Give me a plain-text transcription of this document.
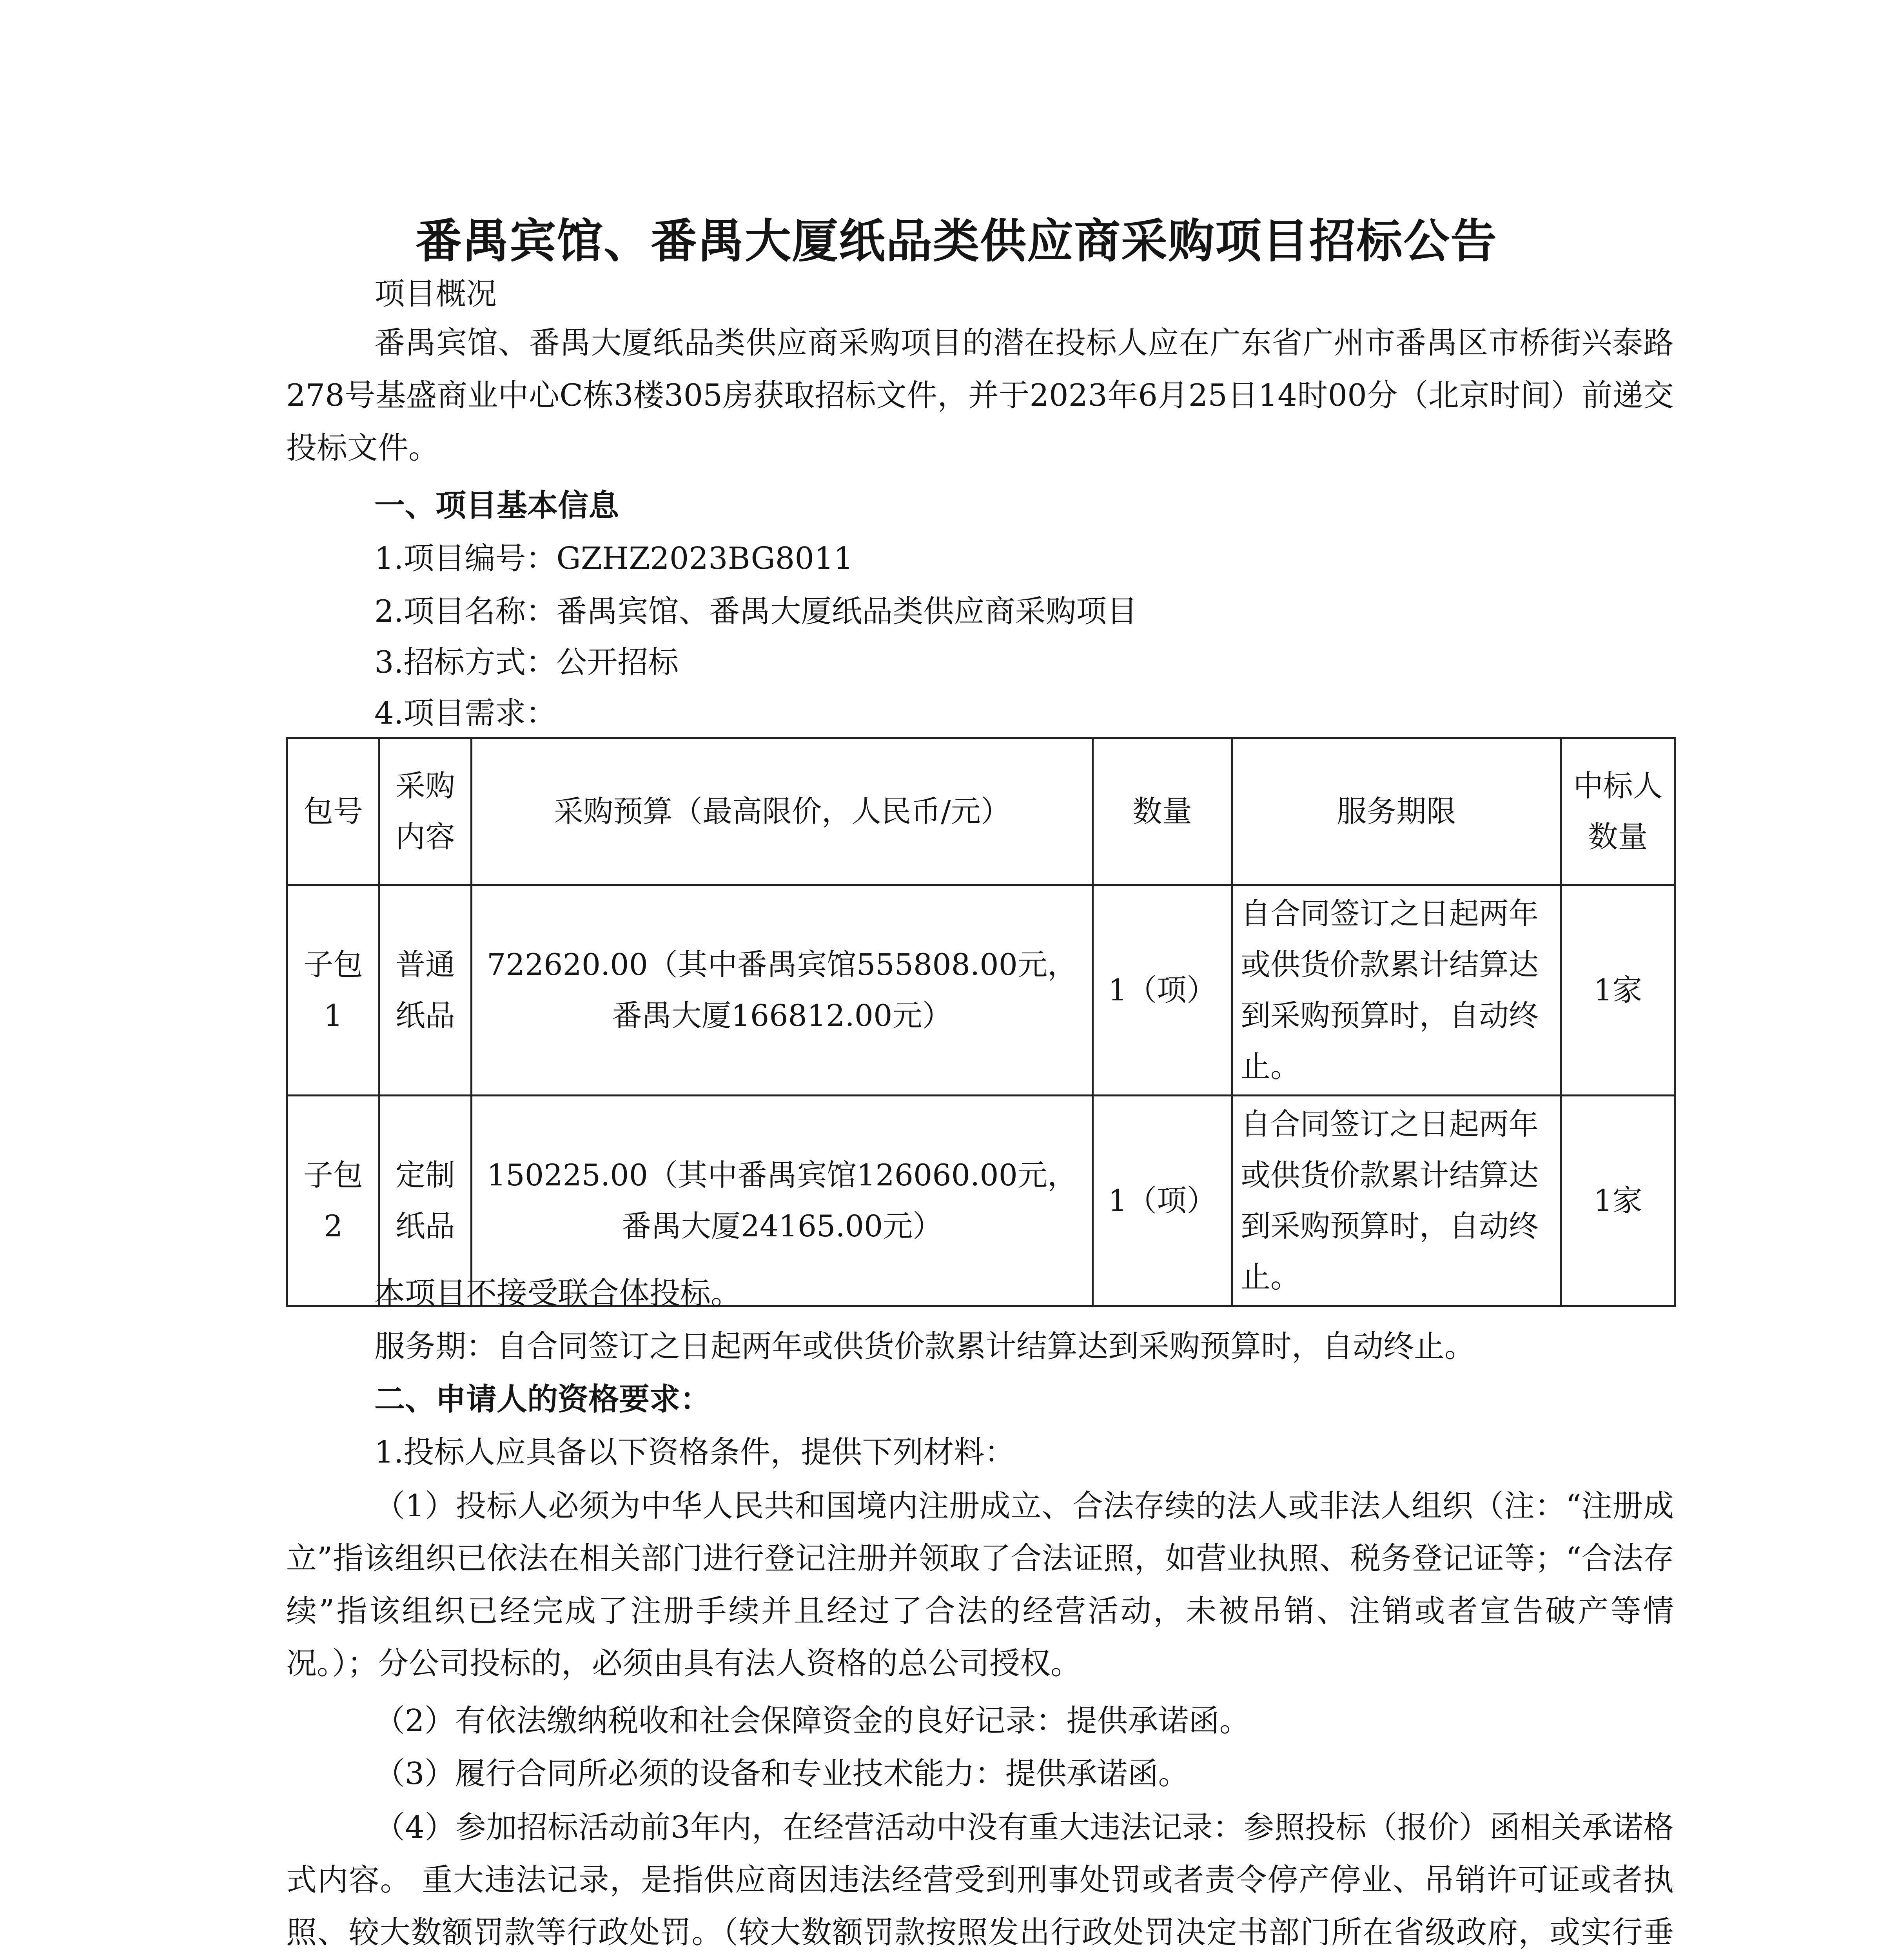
番禺宾馆、番禺大厦纸品类供应商采购项目招标公告
项目概况
番禺宾馆、番禺大厦纸品类供应商采购项目的潜在投标人应在广东省广州市番禺区市桥街兴泰路278号基盛商业中心C栋3楼305房获取招标文件，并于2023年6月25日14时00分（北京时间）前递交投标文件。
一、项目基本信息
1.项目编号：GZHZ2023BG8011
2.项目名称：番禺宾馆、番禺大厦纸品类供应商采购项目
3.招标方式：公开招标
4.项目需求：
包号	采购内容	采购预算（最高限价，人民币/元）	数量	服务期限	中标人数量
子包1	普通纸品	722620.00（其中番禺宾馆555808.00元，番禺大厦166812.00元）	1（项）	自合同签订之日起两年或供货价款累计结算达到采购预算时，自动终止。	1家
子包2	定制纸品	150225.00（其中番禺宾馆126060.00元，番禺大厦24165.00元）	1（项）	自合同签订之日起两年或供货价款累计结算达到采购预算时，自动终止。	1家
本项目不接受联合体投标。
服务期：自合同签订之日起两年或供货价款累计结算达到采购预算时，自动终止。
二、申请人的资格要求：
1.投标人应具备以下资格条件，提供下列材料：
（1）投标人必须为中华人民共和国境内注册成立、合法存续的法人或非法人组织（注：“注册成立”指该组织已依法在相关部门进行登记注册并领取了合法证照，如营业执照、税务登记证等；“合法存续”指该组织已经完成了注册手续并且经过了合法的经营活动，未被吊销、注销或者宣告破产等情况。）；分公司投标的，必须由具有法人资格的总公司授权。
（2）有依法缴纳税收和社会保障资金的良好记录：提供承诺函。
（3）履行合同所必须的设备和专业技术能力：提供承诺函。
（4）参加招标活动前3年内，在经营活动中没有重大违法记录：参照投标（报价）函相关承诺格式内容。 重大违法记录，是指供应商因违法经营受到刑事处罚或者责令停产停业、吊销许可证或者执照、较大数额罚款等行政处罚。（较大数额罚款按照发出行政处罚决定书部门所在省级政府，或实行垂
